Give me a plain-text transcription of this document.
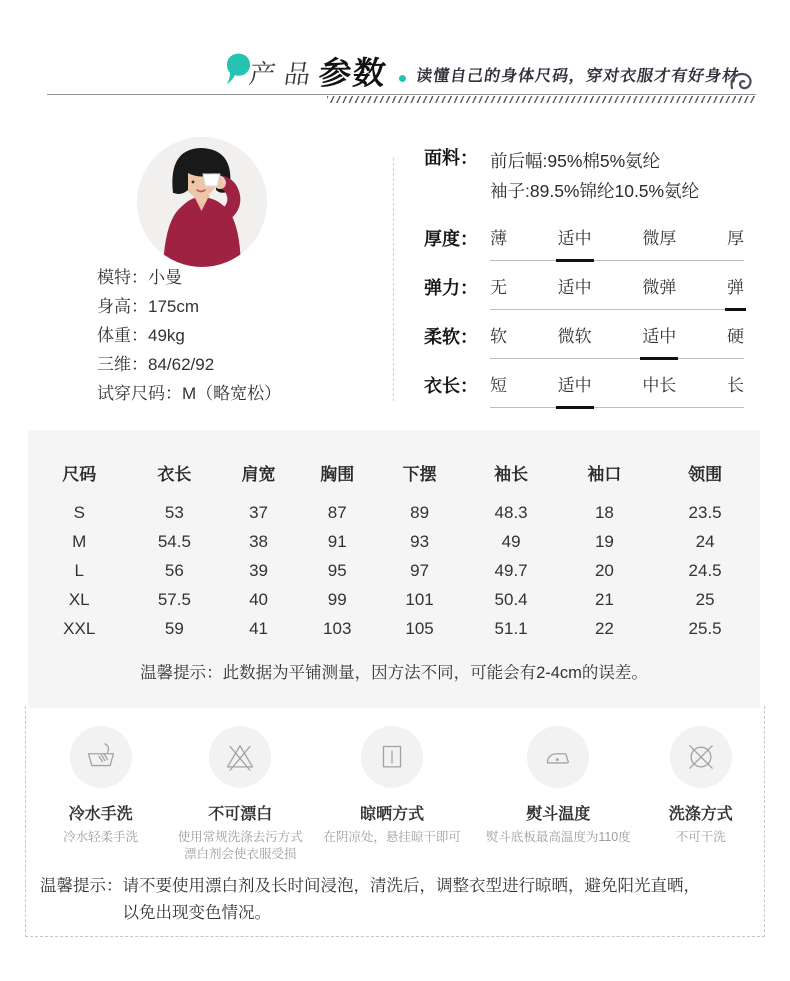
产品
参数 读懂自己的身体尺码，穿对衣服才有好身材
模特：小曼
身高：175cm
体重：49kg
三维：84/62/92
试穿尺码：M（略宽松）
面料： 前后幅:95%棉5%氨纶
袖子:89.5%锦纶10.5%氨纶
厚度： 薄	适中	微厚	厚
弹力： 无	适中	微弹	弹
柔软： 软	微软	适中	硬
衣长： 短	适中	中长	长
尺码	衣长	肩宽	胸围	下摆	袖长	袖口	领围
S	53	37	87	89	48.3	18	23.5
M	54.5	38	91	93	49	19	24
L	56	39	95	97	49.7	20	24.5
XL	57.5	40	99	101	50.4	21	25
XXL	59	41	103	105	51.1	22	25.5
温馨提示：此数据为平铺测量，因方法不同，可能会有2-4cm的误差。
冷水手洗
冷水轻柔手洗
不可漂白
使用常规洗涤去污方式
漂白剂会使衣服受损
晾晒方式
在阴凉处，悬挂晾干即可
熨斗温度
熨斗底板最高温度为110度
洗涤方式
不可干洗
温馨提示： 请不要使用漂白剂及长时间浸泡，清洗后，调整衣型进行晾晒，避免阳光直晒，
以免出现变色情况。
